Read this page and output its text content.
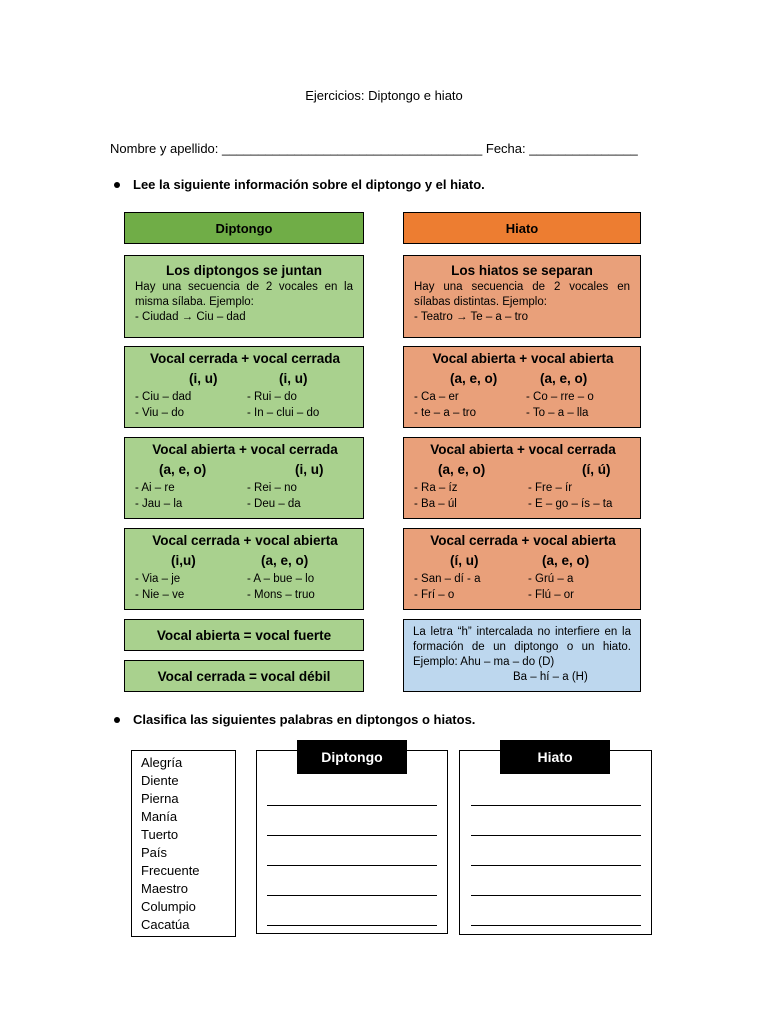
Ejercicios: Diptongo e hiato
Nombre y apellido: ____________________________________ Fecha: _______________
Lee la siguiente información sobre el diptongo y el hiato.
Diptongo	Hiato
Los diptongos se juntan
Hay una secuencia de 2 vocales en la misma sílaba. Ejemplo:
- Ciudad → Ciu – dad
Los hiatos se separan
Hay una secuencia de 2 vocales en sílabas distintas. Ejemplo:
- Teatro → Te – a – tro
Vocal cerrada + vocal cerrada
(i, u)	(i, u)
- Ciu – dad	- Rui – do
- Viu – do	- In – clui – do
Vocal abierta + vocal cerrada
(a, e, o)	(i, u)
- Ai – re	- Rei – no
- Jau – la	- Deu – da
Vocal cerrada + vocal abierta
(i,u)	(a, e, o)
- Via – je	- A – bue – lo
- Nie – ve	- Mons – truo
Vocal abierta + vocal abierta
(a, e, o)	(a, e, o)
- Ca – er	- Co – rre – o
- te – a – tro	- To – a – lla
Vocal abierta + vocal cerrada
(a, e, o)	(í, ú)
- Ra – íz	- Fre – ír
- Ba – úl	- E – go – ís – ta
Vocal cerrada + vocal abierta
(í, u)	(a, e, o)
- San – dí - a	- Grú – a
- Frí – o	- Flú – or
Vocal abierta = vocal fuerte
Vocal cerrada = vocal débil
La letra “h” intercalada no interfiere en la formación de un diptongo o un hiato. Ejemplo: Ahu – ma – do (D)
Ba – hí – a (H)
Clasifica las siguientes palabras en diptongos o hiatos.
Alegría
Diente
Pierna
Manía
Tuerto
País
Frecuente
Maestro
Columpio
Cacatúa
Diptongo	Hiato
